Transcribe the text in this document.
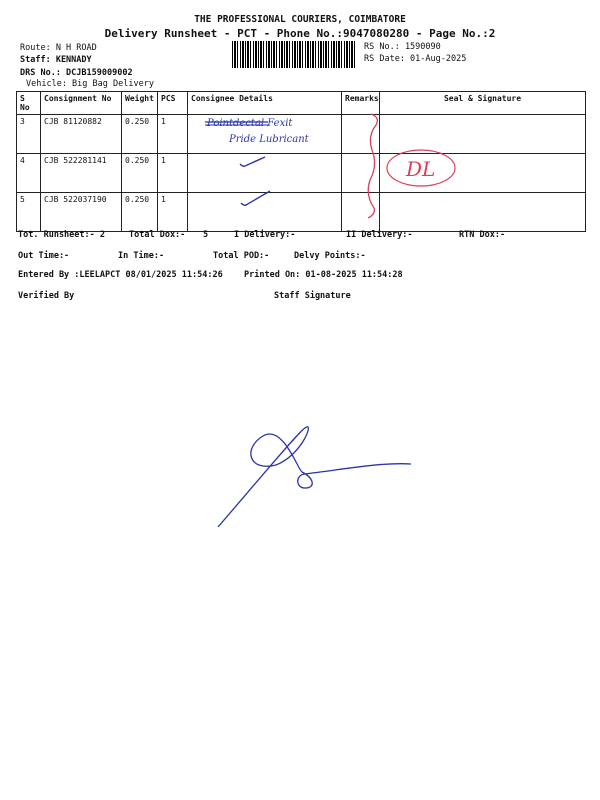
THE PROFESSIONAL COURIERS, COIMBATORE
Delivery Runsheet - PCT - Phone No.:9047080280 - Page No.:2
Route: N H ROAD
Staff: KENNADY
DRS No.: DCJB159009002
Vehicle: Big Bag Delivery
RS No.: 1590090
RS Date: 01-Aug-2025
S No	Consignment No	Weight	PCS	Consignee Details	Remarks	Seal & Signature
3	CJB 81120882	0.250	1			
4	CJB 522281141	0.250	1			
5	CJB 522037190	0.250	1			
Tot. Runsheet:- 2	Total Dox:- 5	I Delivery:-	II Delivery:-	RTN Dox:-
Out Time:-	In Time:-	Total POD:-	Delvy Points:-
Entered By :LEELAPCT 08/01/2025 11:54:26	Printed On: 01-08-2025 11:54:28
Verified By	Staff Signature
Pointdectal Fexit
Pride Lubricant
DL
